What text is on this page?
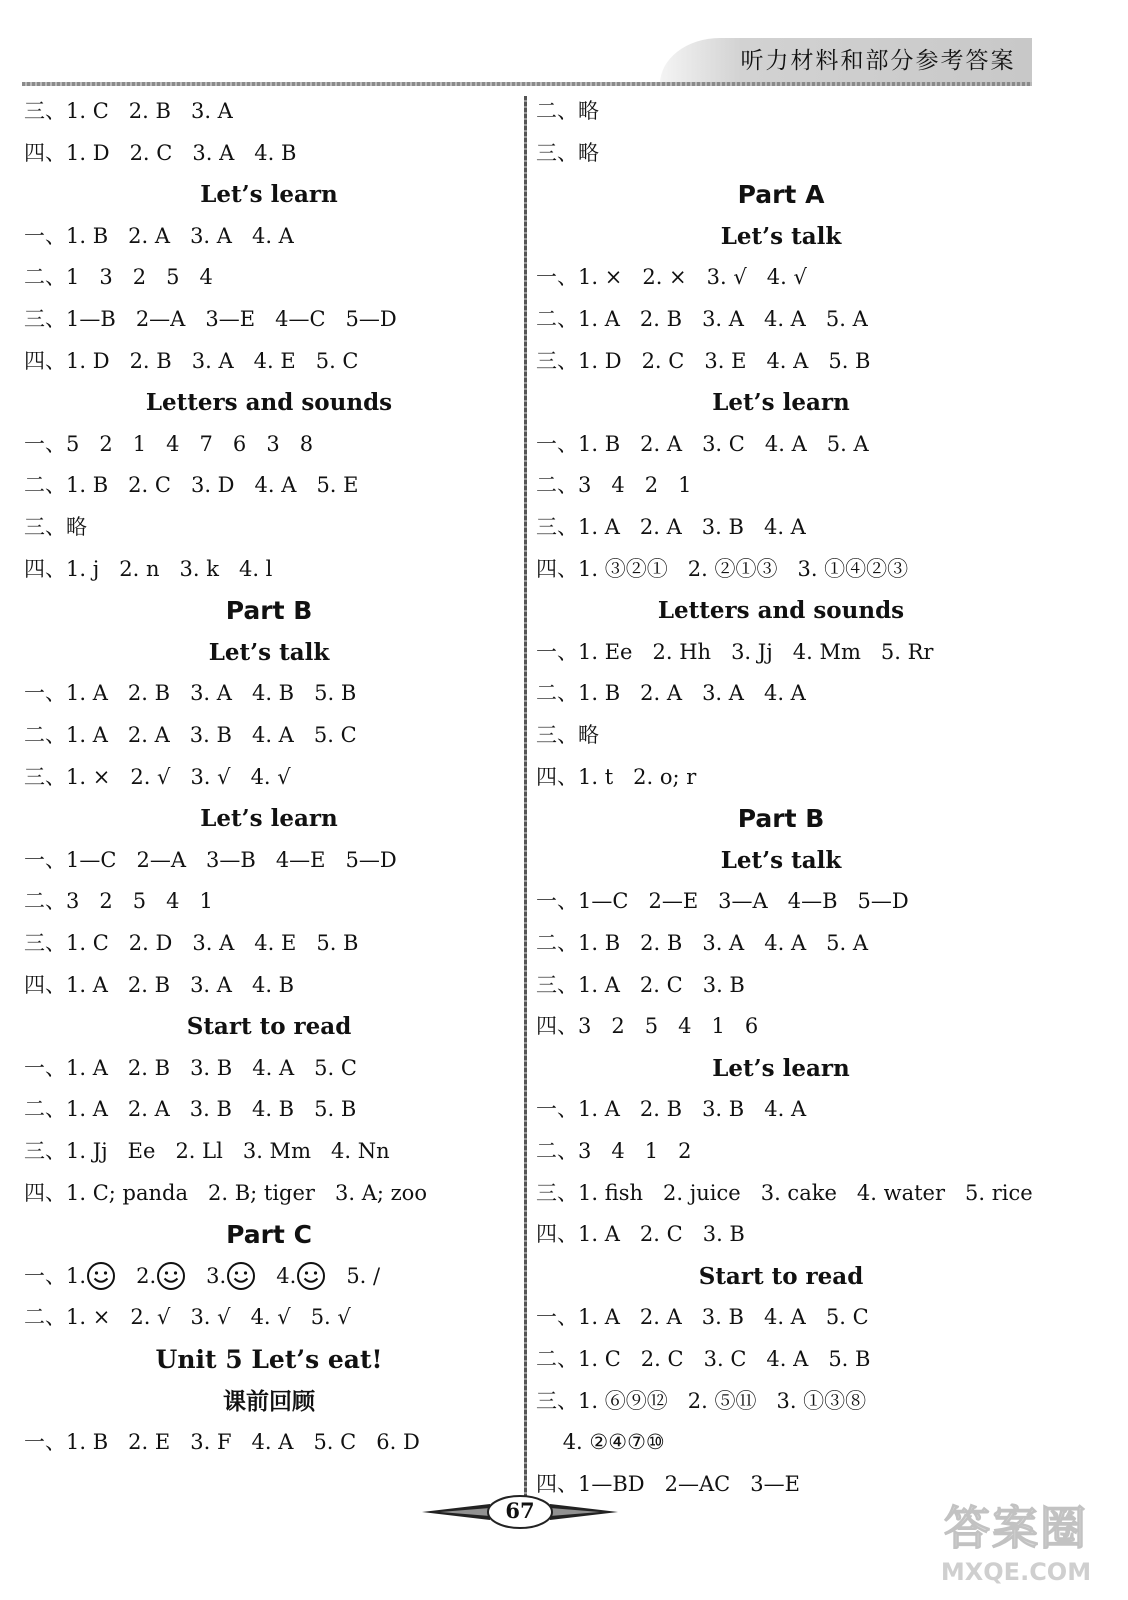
听力材料和部分参考答案
三、1. C   2. B   3. A
四、1. D   2. C   3. A   4. B
Let’s learn
一、1. B   2. A   3. A   4. A
二、1   3   2   5   4
三、1—B   2—A   3—E   4—C   5—D
四、1. D   2. B   3. A   4. E   5. C
Letters and sounds
一、5   2   1   4   7   6   3   8
二、1. B   2. C   3. D   4. A   5. E
三、略
四、1. j   2. n   3. k   4. l
Part B
Let’s talk
一、1. A   2. B   3. A   4. B   5. B
二、1. A   2. A   3. B   4. A   5. C
三、1. ×   2. √   3. √   4. √
Let’s learn
一、1—C   2—A   3—B   4—E   5—D
二、3   2   5   4   1
三、1. C   2. D   3. A   4. E   5. B
四、1. A   2. B   3. A   4. B
Start to read
一、1. A   2. B   3. B   4. A   5. C
二、1. A   2. A   3. B   4. B   5. B
三、1. Jj   Ee   2. Ll   3. Mm   4. Nn
四、1. C; panda   2. B; tiger   3. A; zoo
Part C
一、1. 2. 3. 4. 5. /
二、1. ×   2. √   3. √   4. √   5. √
Unit 5 Let’s eat!
课前回顾
一、1. B   2. E   3. F   4. A   5. C   6. D
二、略
三、略
Part A
Let’s talk
一、1. ×   2. ×   3. √   4. √
二、1. A   2. B   3. A   4. A   5. A
三、1. D   2. C   3. E   4. A   5. B
Let’s learn
一、1. B   2. A   3. C   4. A   5. A
二、3   4   2   1
三、1. A   2. A   3. B   4. A
四、1. ③②①   2. ②①③   3. ①④②③
Letters and sounds
一、1. Ee   2. Hh   3. Jj   4. Mm   5. Rr
二、1. B   2. A   3. A   4. A
三、略
四、1. t   2. o; r
Part B
Let’s talk
一、1—C   2—E   3—A   4—B   5—D
二、1. B   2. B   3. A   4. A   5. A
三、1. A   2. C   3. B
四、3   2   5   4   1   6
Let’s learn
一、1. A   2. B   3. B   4. A
二、3   4   1   2
三、1. fish   2. juice   3. cake   4. water   5. rice
四、1. A   2. C   3. B
Start to read
一、1. A   2. A   3. B   4. A   5. C
二、1. C   2. C   3. C   4. A   5. B
三、1. ⑥⑨⑫   2. ⑤⑪   3. ①③⑧
4. ②④⑦⑩
四、1—BD   2—AC   3—E
67	答案圈
MXQE.COM
